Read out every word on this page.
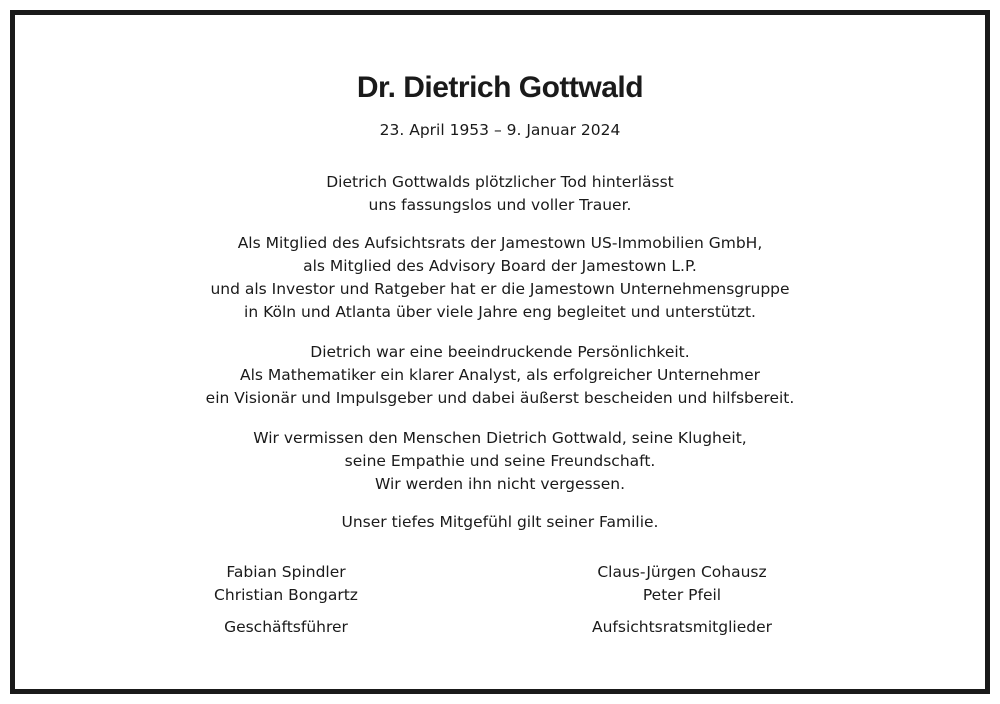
Dr. Dietrich Gottwald

23. April 1953 – 9. Januar 2024

Dietrich Gottwalds plötzlicher Tod hinterlässt
uns fassungslos und voller Trauer.

Als Mitglied des Aufsichtsrats der Jamestown US-Immobilien GmbH,
als Mitglied des Advisory Board der Jamestown L.P.
und als Investor und Ratgeber hat er die Jamestown Unternehmensgruppe
in Köln und Atlanta über viele Jahre eng begleitet und unterstützt.

Dietrich war eine beeindruckende Persönlichkeit.
Als Mathematiker ein klarer Analyst, als erfolgreicher Unternehmer
ein Visionär und Impulsgeber und dabei äußerst bescheiden und hilfsbereit.

Wir vermissen den Menschen Dietrich Gottwald, seine Klugheit,
seine Empathie und seine Freundschaft.
Wir werden ihn nicht vergessen.

Unser tiefes Mitgefühl gilt seiner Familie.

Fabian Spindler
Christian Bongartz
Geschäftsführer
Claus-Jürgen Cohausz
Peter Pfeil
Aufsichtsratsmitglieder
